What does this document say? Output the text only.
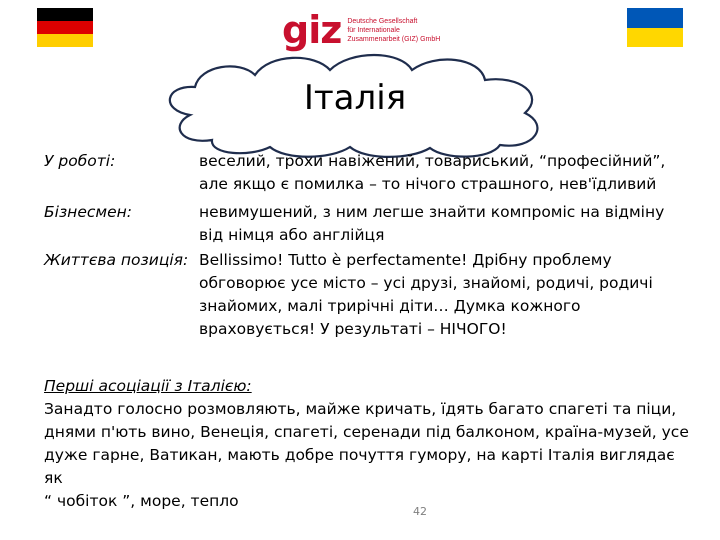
giz Deutsche Gesellschaft
für Internationale
Zusammenarbeit (GIZ) GmbH
Італія
У роботі:	веселий, трохи навіжений, товариський, “професійний”,
але якщо є помилка – то нічого страшного, нев'їдливий
Бізнесмен:	невимушений, з ним легше знайти компроміс на відміну
від німця або англійця
Життєва позиція: Bellissimo! Tutto è perfectamente! Дрібну проблему
обговорює усе місто – усі друзі, знайомі, родичі, родичі
знайомих, малі трирічні діти… Думка кожного
враховується! У результаті – НІЧОГО!
Перші асоціації з Італією:
Занадто голосно розмовляють, майже кричать, їдять багато спагеті та піци,
днями п'ють вино, Венеція, спагеті, серенади під балконом, країна-музей, усе
дуже гарне, Ватикан, мають добре почуття гумору, на карті Італія виглядає як
“ чобіток ”, море, тепло
42
